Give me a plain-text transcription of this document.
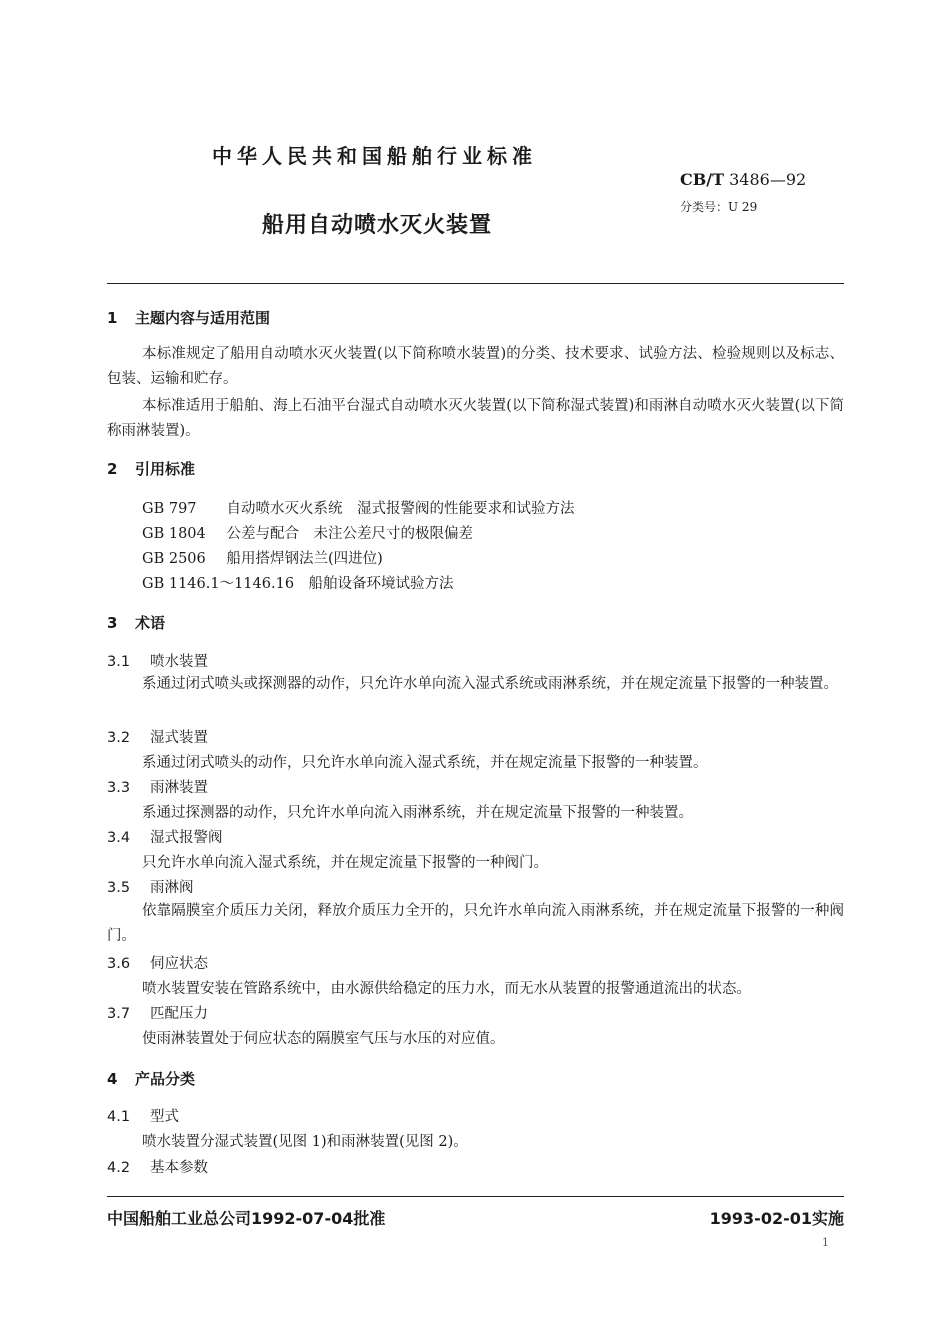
中华人民共和国船舶行业标准
CB/T 3486—92
分类号：U 29
船用自动喷水灭火装置
1 主题内容与适用范围
本标准规定了船用自动喷水灭火装置(以下简称喷水装置)的分类、技术要求、试验方法、检验规则以及标志、包装、运输和贮存。
本标准适用于船舶、海上石油平台湿式自动喷水灭火装置(以下简称湿式装置)和雨淋自动喷水灭火装置(以下简称雨淋装置)。
2 引用标准
GB 797　 自动喷水灭火系统　湿式报警阀的性能要求和试验方法
GB 1804　 公差与配合　未注公差尺寸的极限偏差
GB 2506　 船用搭焊钢法兰(四进位)
GB 1146.1～1146.16　 船舶设备环境试验方法
3 术语
3.1 喷水装置
系通过闭式喷头或探测器的动作，只允许水单向流入湿式系统或雨淋系统，并在规定流量下报警的一种装置。
3.2 湿式装置
系通过闭式喷头的动作，只允许水单向流入湿式系统，并在规定流量下报警的一种装置。
3.3 雨淋装置
系通过探测器的动作，只允许水单向流入雨淋系统，并在规定流量下报警的一种装置。
3.4 湿式报警阀
只允许水单向流入湿式系统，并在规定流量下报警的一种阀门。
3.5 雨淋阀
依靠隔膜室介质压力关闭，释放介质压力全开的，只允许水单向流入雨淋系统，并在规定流量下报警的一种阀门。
3.6 伺应状态
喷水装置安装在管路系统中，由水源供给稳定的压力水，而无水从装置的报警通道流出的状态。
3.7 匹配压力
使雨淋装置处于伺应状态的隔膜室气压与水压的对应值。
4 产品分类
4.1 型式
喷水装置分湿式装置(见图 1)和雨淋装置(见图 2)。
4.2 基本参数
中国船舶工业总公司1992-07-04批准	1993-02-01实施
1
